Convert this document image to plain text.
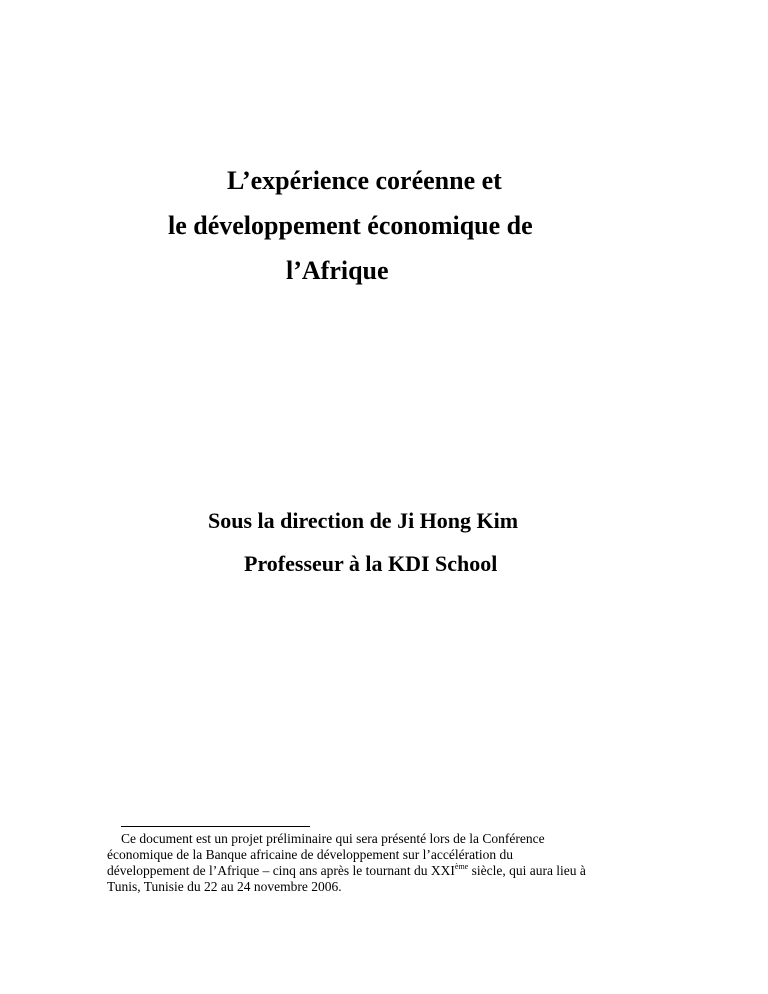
L’expérience coréenne et
le développement économique de
l’Afrique
Sous la direction de Ji Hong Kim
Professeur à la KDI School

Ce document est un projet préliminaire qui sera présenté lors de la Conférence

économique de la Banque africaine de développement sur l’accélération du

développement de l’Afrique – cinq ans après le tournant du XXIème siècle, qui aura lieu à

Tunis, Tunisie du 22 au 24 novembre 2006.
